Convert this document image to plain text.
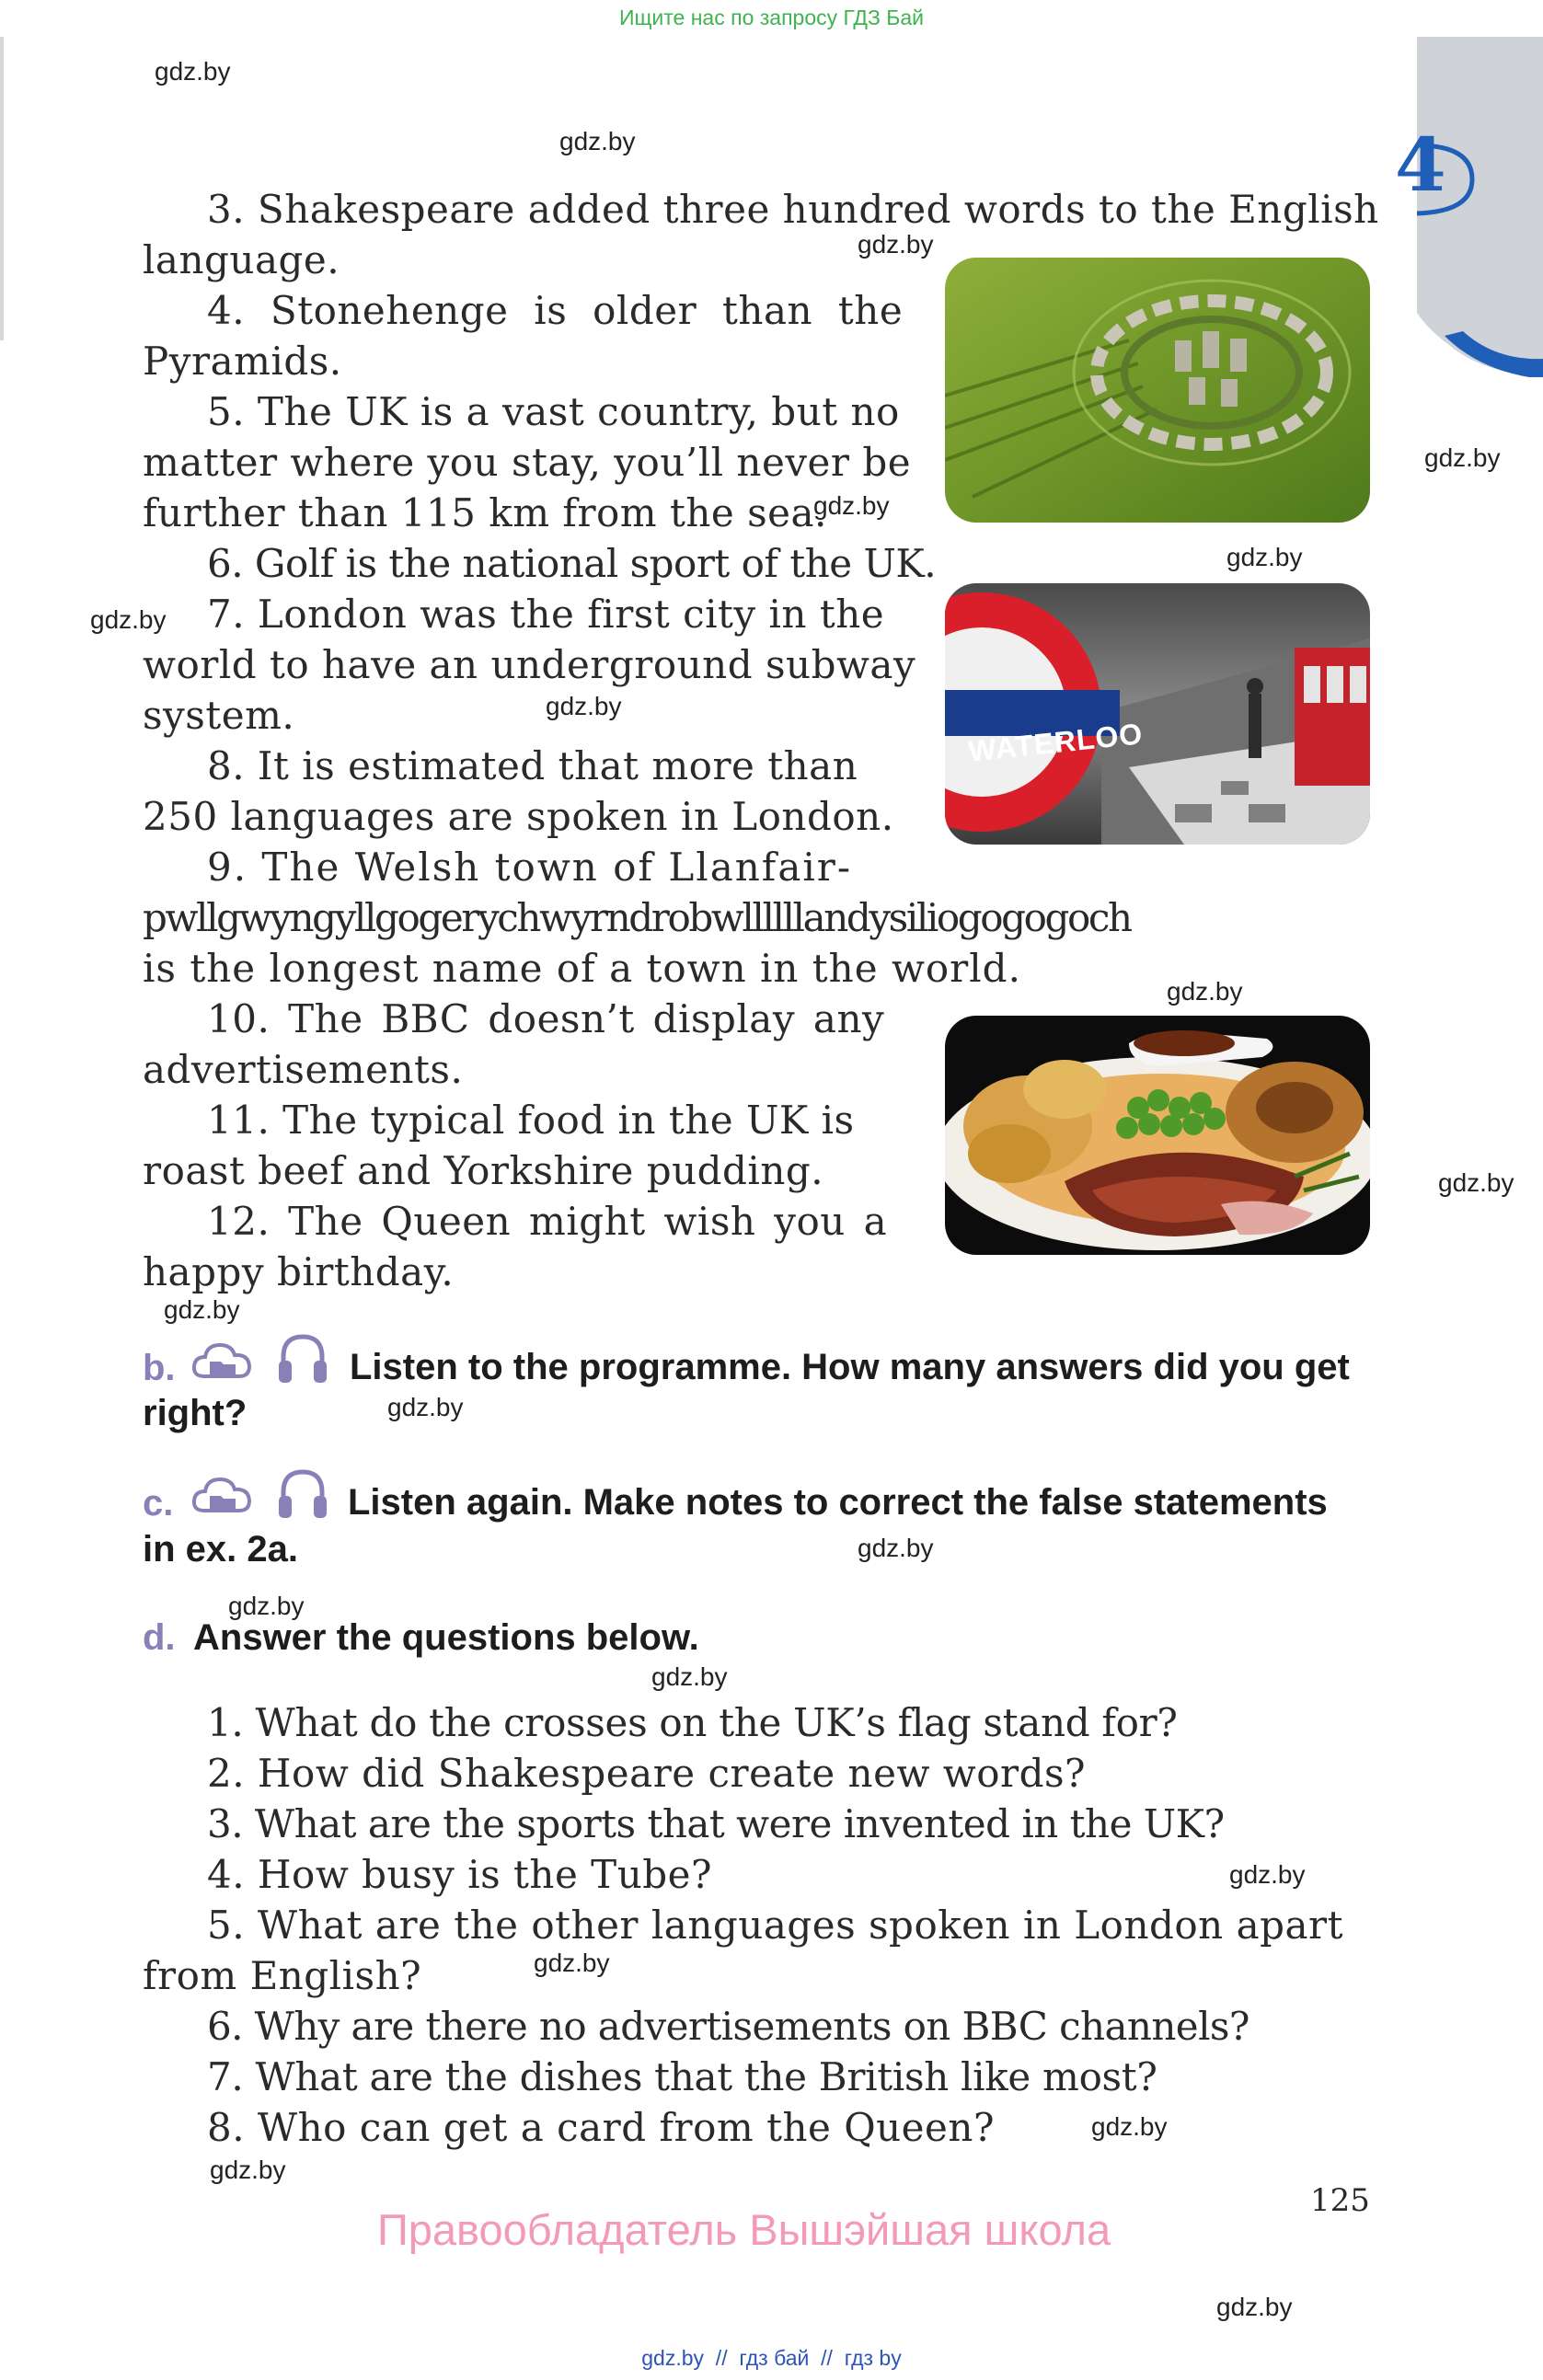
Ищите нас по запросу ГДЗ Бай
4
gdz.by
gdz.by
gdz.by
gdz.by
gdz.by
gdz.by
gdz.by
gdz.by
gdz.by
gdz.by
gdz.by
gdz.by
gdz.by
gdz.by
gdz.by
gdz.by
gdz.by
gdz.by
gdz.by
gdz.by
3. Shakespeare added three hundred words to the English
language.
4. Stonehenge is older than the
Pyramids.
5. The UK is a vast country, but no
matter where you stay, you’ll never be
further than 115 km from the sea.
6. Golf is the national sport of the UK.
7. London was the first city in the
world to have an underground subway
system.
8. It is estimated that more than
250 languages are spoken in London.
9. The Welsh town of Llanfair-
pwllgwyngyllgogerychwyrndrobwllllllandysiliogogogoch
is the longest name of a town in the world.
10. The BBC doesn’t display any
advertisements.
11. The typical food in the UK is
roast beef and Yorkshire pudding.
12. The Queen might wish you a
happy birthday.
WATERLOO
b.	Listen to the programme. How many answers did you get
right?
c.	Listen again. Make notes to correct the false statements
in ex. 2a.
d. Answer the questions below.
1. What do the crosses on the UK’s flag stand for?
2. How did Shakespeare create new words?
3. What are the sports that were invented in the UK?
4. How busy is the Tube?
5. What are the other languages spoken in London apart
from English?
6. Why are there no advertisements on BBC channels?
7. What are the dishes that the British like most?
8. Who can get a card from the Queen?
125
Правообладатель Вышэйшая школа
gdz.by  //  гдз бай  //  гдз by
